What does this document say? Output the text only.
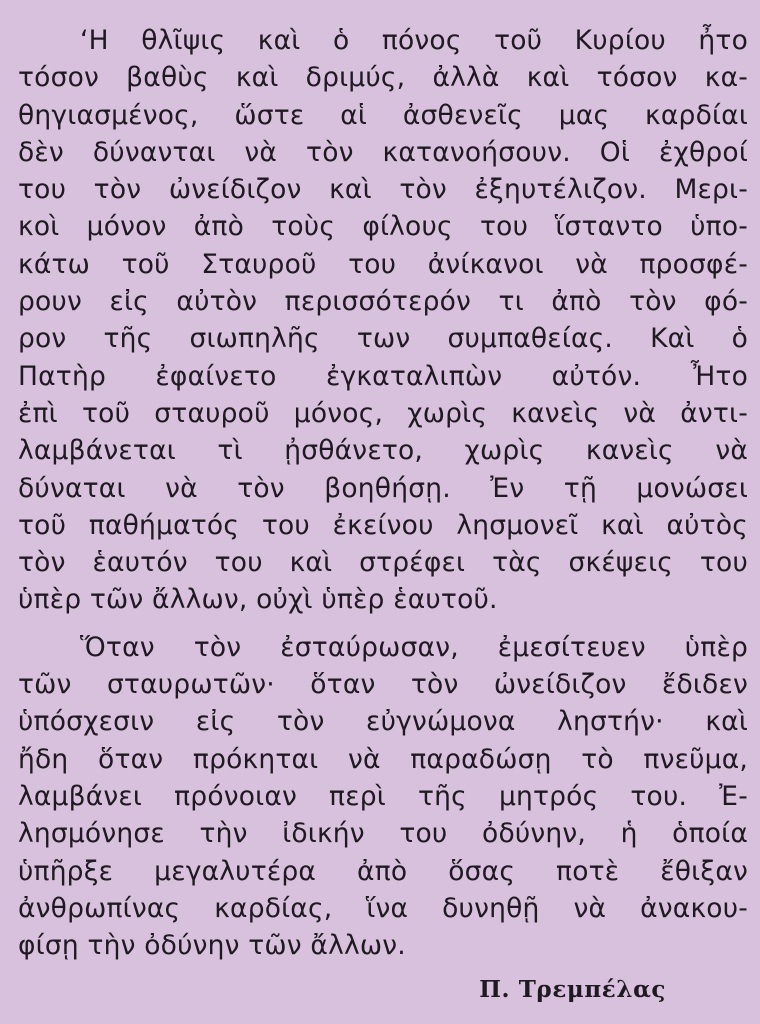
‘Η θλῖψις καὶ ὁ πόνος τοῦ Κυρίου ἦτο
τόσον βαθὺς καὶ δριμύς, ἀλλὰ καὶ τόσον κα-
θηγιασμένος, ὥστε αἱ ἀσθενεῖς μας καρδίαι
δὲν δύνανται νὰ τὸν κατανοήσουν. Οἱ ἐχθροί
του τὸν ὠνείδιζον καὶ τὸν ἐξηυτέλιζον. Μερι-
κοὶ μόνον ἀπὸ τοὺς φίλους του ἵσταντο ὑπο-
κάτω τοῦ Σταυροῦ του ἀνίκανοι νὰ προσφέ-
ρουν εἰς αὐτὸν περισσότερόν τι ἀπὸ τὸν φό-
ρον τῆς σιωπηλῆς των συμπαθείας. Καὶ ὁ
Πατὴρ ἐφαίνετο ἐγκαταλιπὼν αὐτόν. Ἦτο
ἐπὶ τοῦ σταυροῦ μόνος, χωρὶς κανεὶς νὰ ἀντι-
λαμβάνεται τὶ ᾐσθάνετο, χωρὶς κανεὶς νὰ
δύναται νὰ τὸν βοηθήσῃ. Ἐν τῇ μονώσει
τοῦ παθήματός του ἐκείνου λησμονεῖ καὶ αὐτὸς
τὸν ἑαυτόν του καὶ στρέφει τὰς σκέψεις του
ὑπὲρ τῶν ἄλλων, οὐχὶ ὑπὲρ ἑαυτοῦ.
Ὅταν τὸν ἐσταύρωσαν, ἐμεσίτευεν ὑπὲρ
τῶν σταυρωτῶν· ὅταν τὸν ὠνείδιζον ἔδιδεν
ὑπόσχεσιν εἰς τὸν εὐγνώμονα ληστήν· καὶ
ἤδη ὅταν πρόκηται νὰ παραδώσῃ τὸ πνεῦμα,
λαμβάνει πρόνοιαν περὶ τῆς μητρός του. Ἐ-
λησμόνησε τὴν ἰδικήν του ὀδύνην, ἡ ὁποία
ὑπῆρξε μεγαλυτέρα ἀπὸ ὅσας ποτὲ ἔθιξαν
ἀνθρωπίνας καρδίας, ἵνα δυνηθῇ νὰ ἀνακου-
φίσῃ τὴν ὀδύνην τῶν ἄλλων.
Π. Τρεμπέλας
